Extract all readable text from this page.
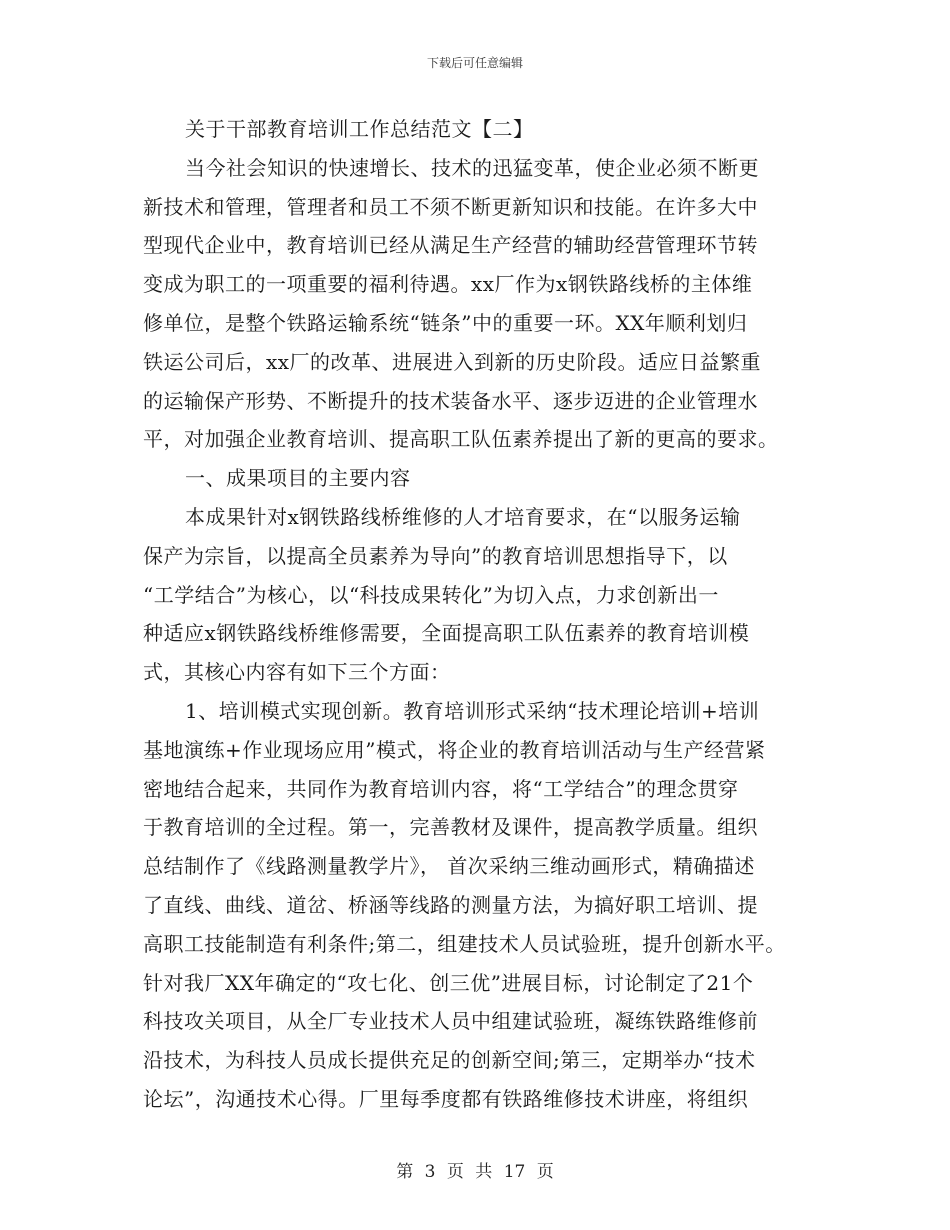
下载后可任意编辑
关于干部教育培训工作总结范文【二】
当今社会知识的快速增长、技术的迅猛变革，使企业必须不断更
新技术和管理，管理者和员工不须不断更新知识和技能。在许多大中
型现代企业中，教育培训已经从满足生产经营的辅助经营管理环节转
变成为职工的一项重要的福利待遇。xx厂作为x钢铁路线桥的主体维
修单位，是整个铁路运输系统“链条”中的重要一环。XX年顺利划归
铁运公司后，xx厂的改革、进展进入到新的历史阶段。适应日益繁重
的运输保产形势、不断提升的技术装备水平、逐步迈进的企业管理水
平，对加强企业教育培训、提高职工队伍素养提出了新的更高的要求。
一、成果项目的主要内容
本成果针对x钢铁路线桥维修的人才培育要求，在“以服务运输
保产为宗旨，以提高全员素养为导向”的教育培训思想指导下，以
“工学结合”为核心，以“科技成果转化”为切入点，力求创新出一
种适应x钢铁路线桥维修需要，全面提高职工队伍素养的教育培训模
式，其核心内容有如下三个方面：
1、培训模式实现创新。教育培训形式采纳“技术理论培训+培训
基地演练+作业现场应用”模式，将企业的教育培训活动与生产经营紧
密地结合起来，共同作为教育培训内容，将“工学结合”的理念贯穿
于教育培训的全过程。第一，完善教材及课件，提高教学质量。组织
总结制作了《线路测量教学片》， 首次采纳三维动画形式，精确描述
了直线、曲线、道岔、桥涵等线路的测量方法，为搞好职工培训、提
高职工技能制造有利条件;第二，组建技术人员试验班，提升创新水平。
针对我厂XX年确定的“攻七化、创三优”进展目标，讨论制定了21个
科技攻关项目，从全厂专业技术人员中组建试验班，凝练铁路维修前
沿技术，为科技人员成长提供充足的创新空间;第三，定期举办“技术
论坛”，沟通技术心得。厂里每季度都有铁路维修技术讲座，将组织
第 3 页 共 17 页
